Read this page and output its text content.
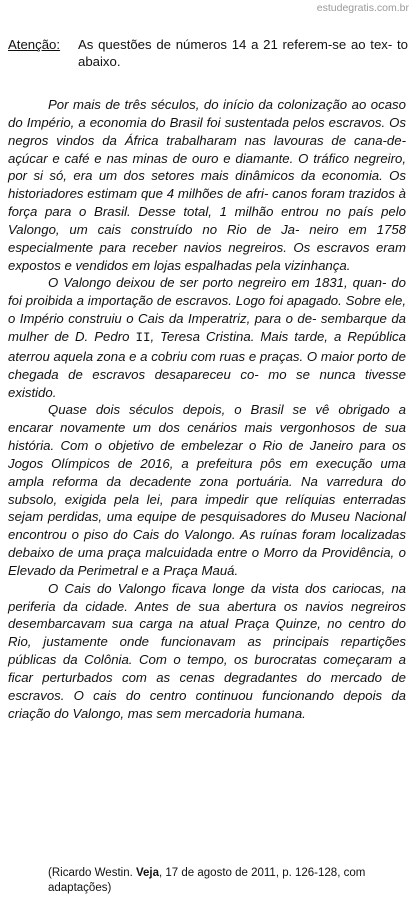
estudegratis.com.br
Atenção: As questões de números 14 a 21 referem-se ao tex- to abaixo.

Por mais de três séculos, do início da colonização ao ocaso do Império, a economia do Brasil foi sustentada pelos escravos. Os negros vindos da África trabalharam nas lavouras de cana-de-açúcar e café e nas minas de ouro e diamante. O tráfico negreiro, por si só, era um dos setores mais dinâmicos da economia. Os historiadores estimam que 4 milhões de afri- canos foram trazidos à força para o Brasil. Desse total, 1 milhão entrou no país pelo Valongo, um cais construído no Rio de Ja- neiro em 1758 especialmente para receber navios negreiros. Os escravos eram expostos e vendidos em lojas espalhadas pela vizinhança.

O Valongo deixou de ser porto negreiro em 1831, quan- do foi proibida a importação de escravos. Logo foi apagado. Sobre ele, o Império construiu o Cais da Imperatriz, para o de- sembarque da mulher de D. Pedro II, Teresa Cristina. Mais tarde, a República aterrou aquela zona e a cobriu com ruas e praças. O maior porto de chegada de escravos desapareceu co- mo se nunca tivesse existido.

Quase dois séculos depois, o Brasil se vê obrigado a encarar novamente um dos cenários mais vergonhosos de sua história. Com o objetivo de embelezar o Rio de Janeiro para os Jogos Olímpicos de 2016, a prefeitura pôs em execução uma ampla reforma da decadente zona portuária. Na varredura do subsolo, exigida pela lei, para impedir que relíquias enterradas sejam perdidas, uma equipe de pesquisadores do Museu Nacional encontrou o piso do Cais do Valongo. As ruínas foram localizadas debaixo de uma praça malcuidada entre o Morro da Providência, o Elevado da Perimetral e a Praça Mauá.

O Cais do Valongo ficava longe da vista dos cariocas, na periferia da cidade. Antes de sua abertura os navios negreiros desembarcavam sua carga na atual Praça Quinze, no centro do Rio, justamente onde funcionavam as principais repartições públicas da Colônia. Com o tempo, os burocratas começaram a ficar perturbados com as cenas degradantes do mercado de escravos. O cais do centro continuou funcionando depois da criação do Valongo, mas sem mercadoria humana.

(Ricardo Westin. Veja, 17 de agosto de 2011, p. 126-128, com adaptações)
